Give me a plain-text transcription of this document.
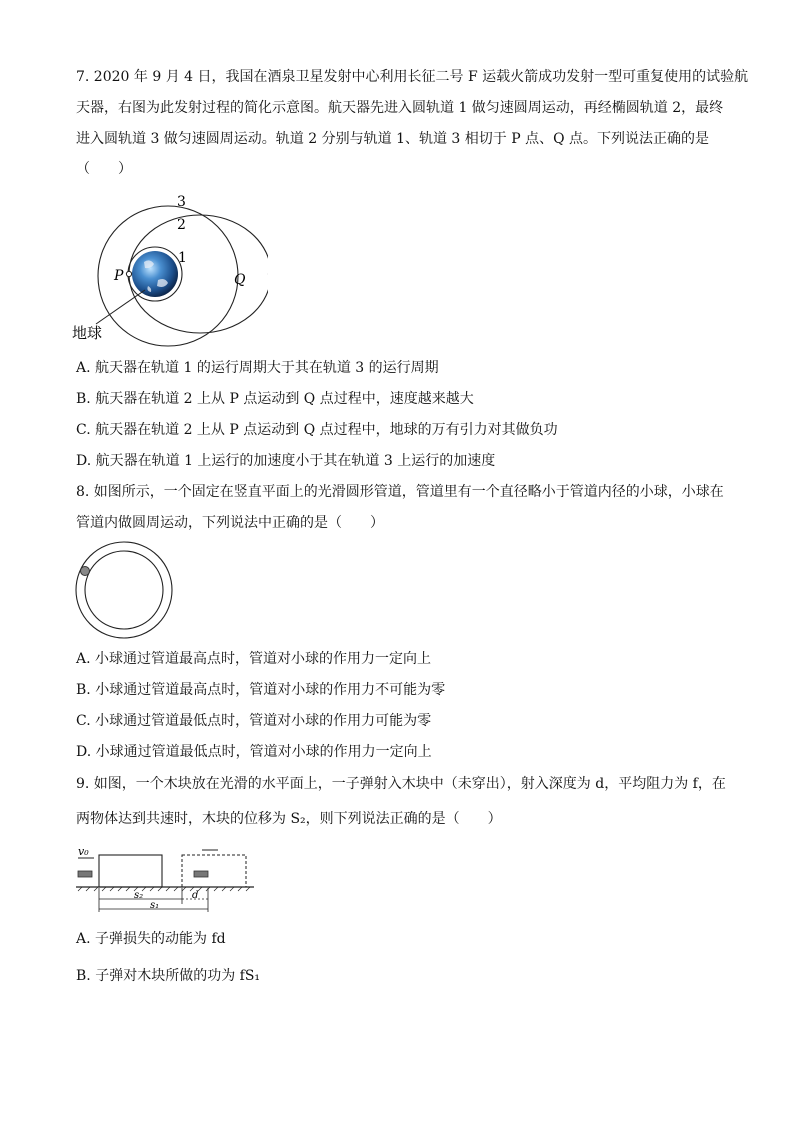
7. 2020 年 9 月 4 日，我国在酒泉卫星发射中心利用长征二号 F 运载火箭成功发射一型可重复使用的试验航
天器，右图为此发射过程的简化示意图。航天器先进入圆轨道 1 做匀速圆周运动，再经椭圆轨道 2，最终
进入圆轨道 3 做匀速圆周运动。轨道 2 分别与轨道 1、轨道 3 相切于 P 点、Q 点。下列说法正确的是
（　　）
3
2
1
P	Q
地球
A. 航天器在轨道 1 的运行周期大于其在轨道 3 的运行周期
B. 航天器在轨道 2 上从 P 点运动到 Q 点过程中，速度越来越大
C. 航天器在轨道 2 上从 P 点运动到 Q 点过程中，地球的万有引力对其做负功
D. 航天器在轨道 1 上运行的加速度小于其在轨道 3 上运行的加速度
8. 如图所示，一个固定在竖直平面上的光滑圆形管道，管道里有一个直径略小于管道内径的小球，小球在
管道内做圆周运动，下列说法中正确的是（　　）
A. 小球通过管道最高点时，管道对小球的作用力一定向上
B. 小球通过管道最高点时，管道对小球的作用力不可能为零
C. 小球通过管道最低点时，管道对小球的作用力可能为零
D. 小球通过管道最低点时，管道对小球的作用力一定向上
9. 如图，一个木块放在光滑的水平面上，一子弹射入木块中（未穿出），射入深度为 d，平均阻力为 f，在
两物体达到共速时，木块的位移为 S₂，则下列说法正确的是（　　）
v₀
s₂	d
s₁
A. 子弹损失的动能为 fd
B. 子弹对木块所做的功为 fS₁
